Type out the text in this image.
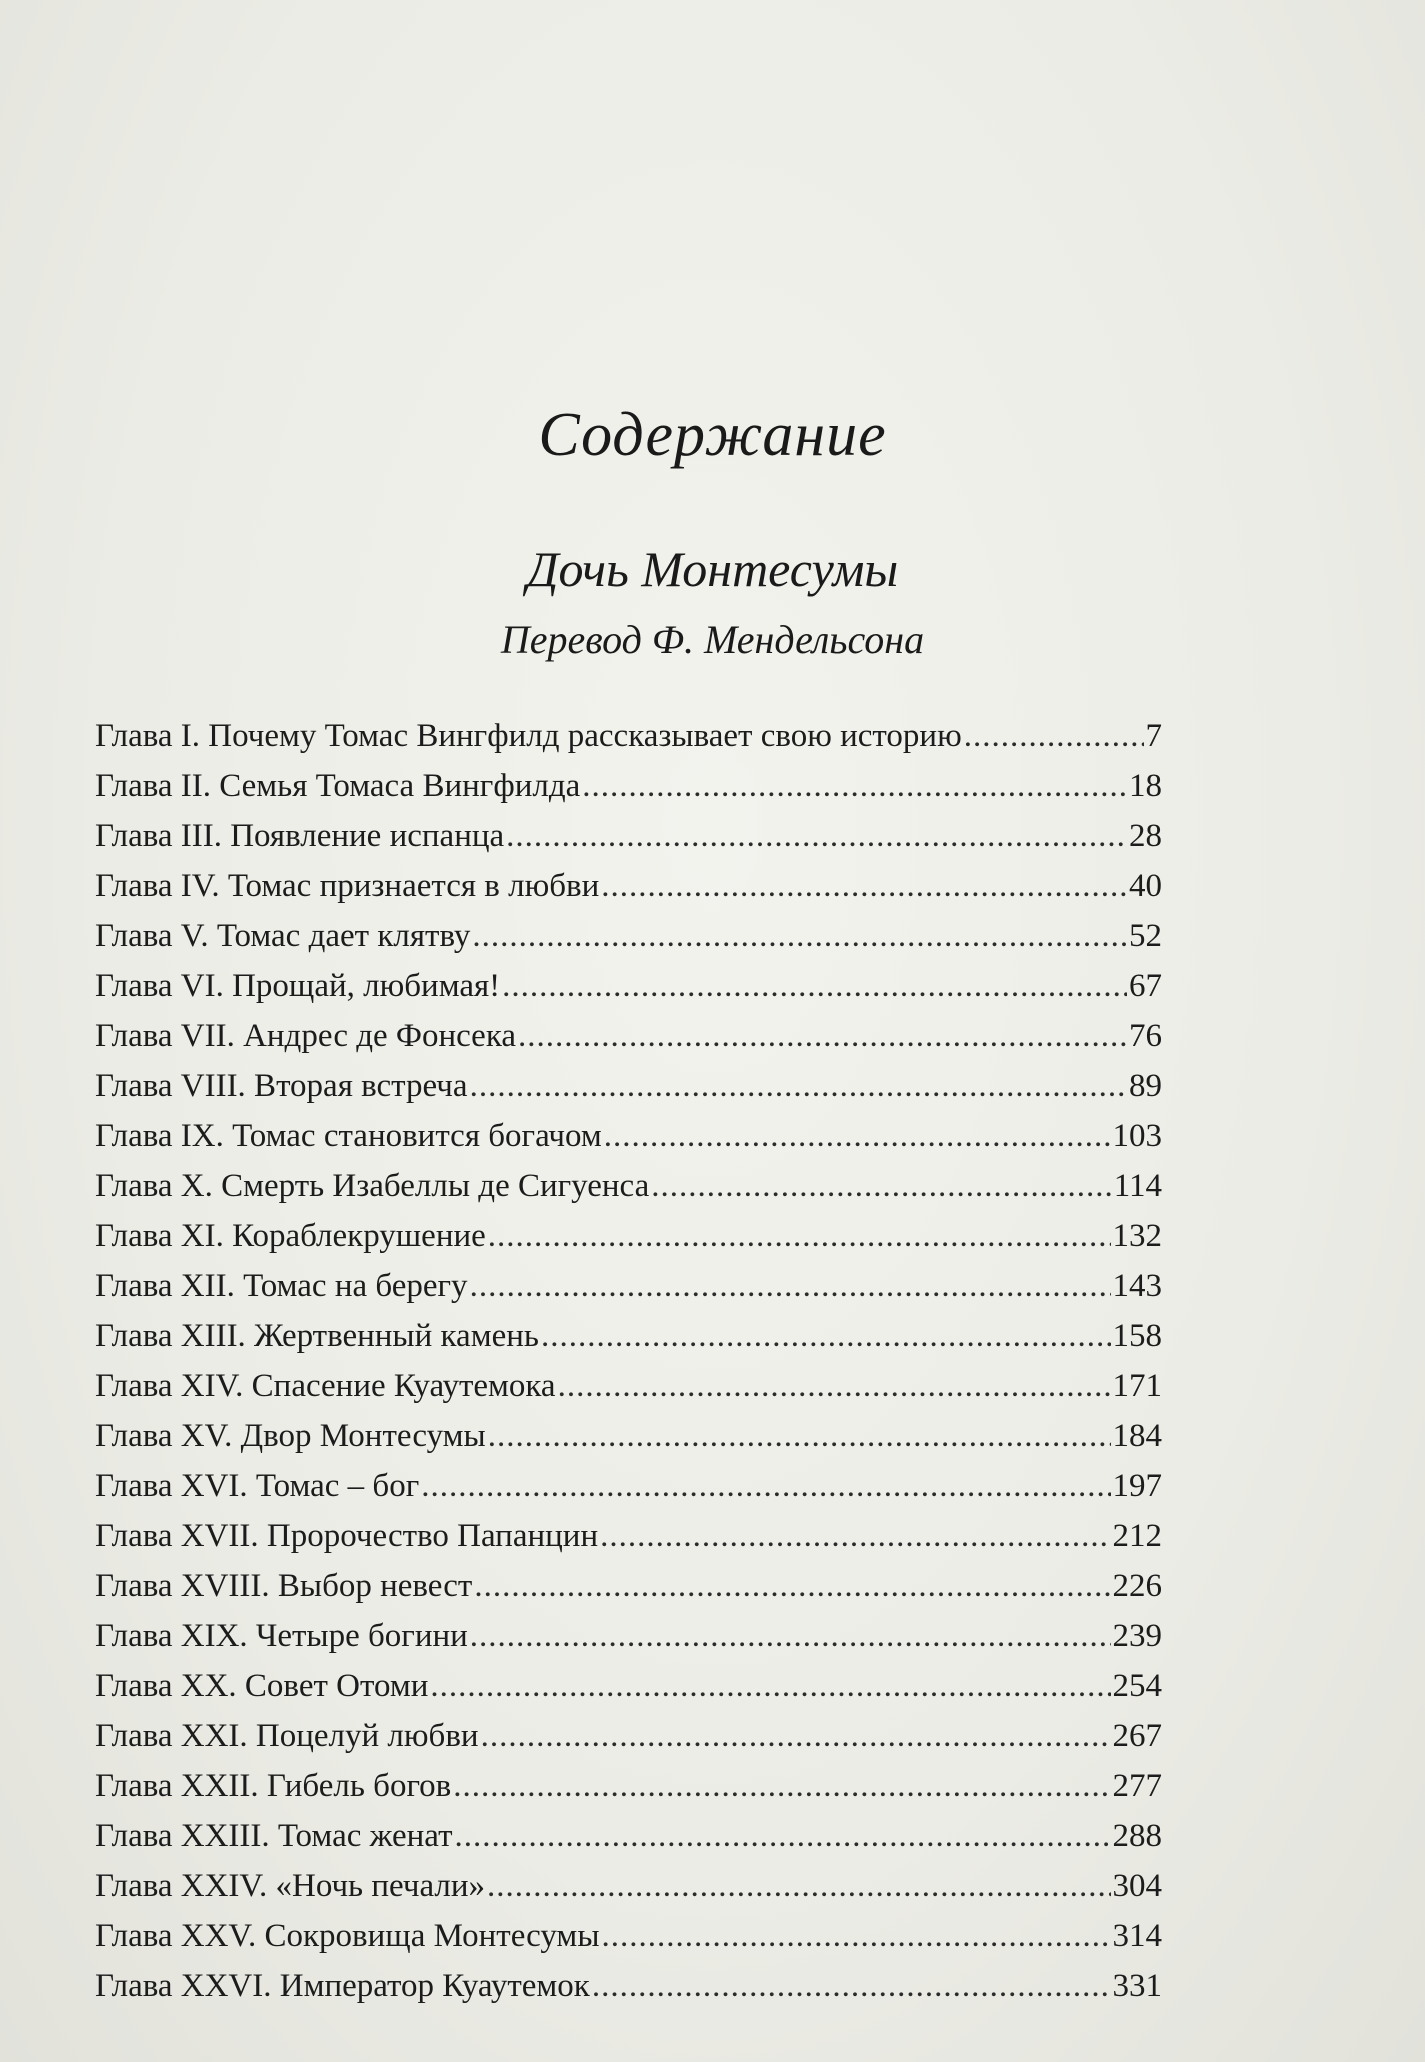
Содержание
Дочь Монтесумы
Перевод Ф. Мендельсона
Глава I. Почему Томас Вингфилд рассказывает свою историю .....	7
Глава II. Семья Томаса Вингфилда .....	18
Глава III. Появление испанца .....	28
Глава IV. Томас признается в любви .....	40
Глава V. Томас дает клятву .....	52
Глава VI. Прощай, любимая! .....	67
Глава VII. Андрес де Фонсека .....	76
Глава VIII. Вторая встреча .....	89
Глава IX. Томас становится богачом .....	103
Глава X. Смерть Изабеллы де Сигуенса .....	114
Глава XI. Кораблекрушение .....	132
Глава XII. Томас на берегу .....	143
Глава XIII. Жертвенный камень .....	158
Глава XIV. Спасение Куаутемока .....	171
Глава XV. Двор Монтесумы .....	184
Глава XVI. Томас – бог .....	197
Глава XVII. Пророчество Папанцин .....	212
Глава XVIII. Выбор невест .....	226
Глава XIX. Четыре богини .....	239
Глава XX. Совет Отоми .....	254
Глава XXI. Поцелуй любви .....	267
Глава XXII. Гибель богов .....	277
Глава XXIII. Томас женат .....	288
Глава XXIV. «Ночь печали» .....	304
Глава XXV. Сокровища Монтесумы .....	314
Глава XXVI. Император Куаутемок .....	331
